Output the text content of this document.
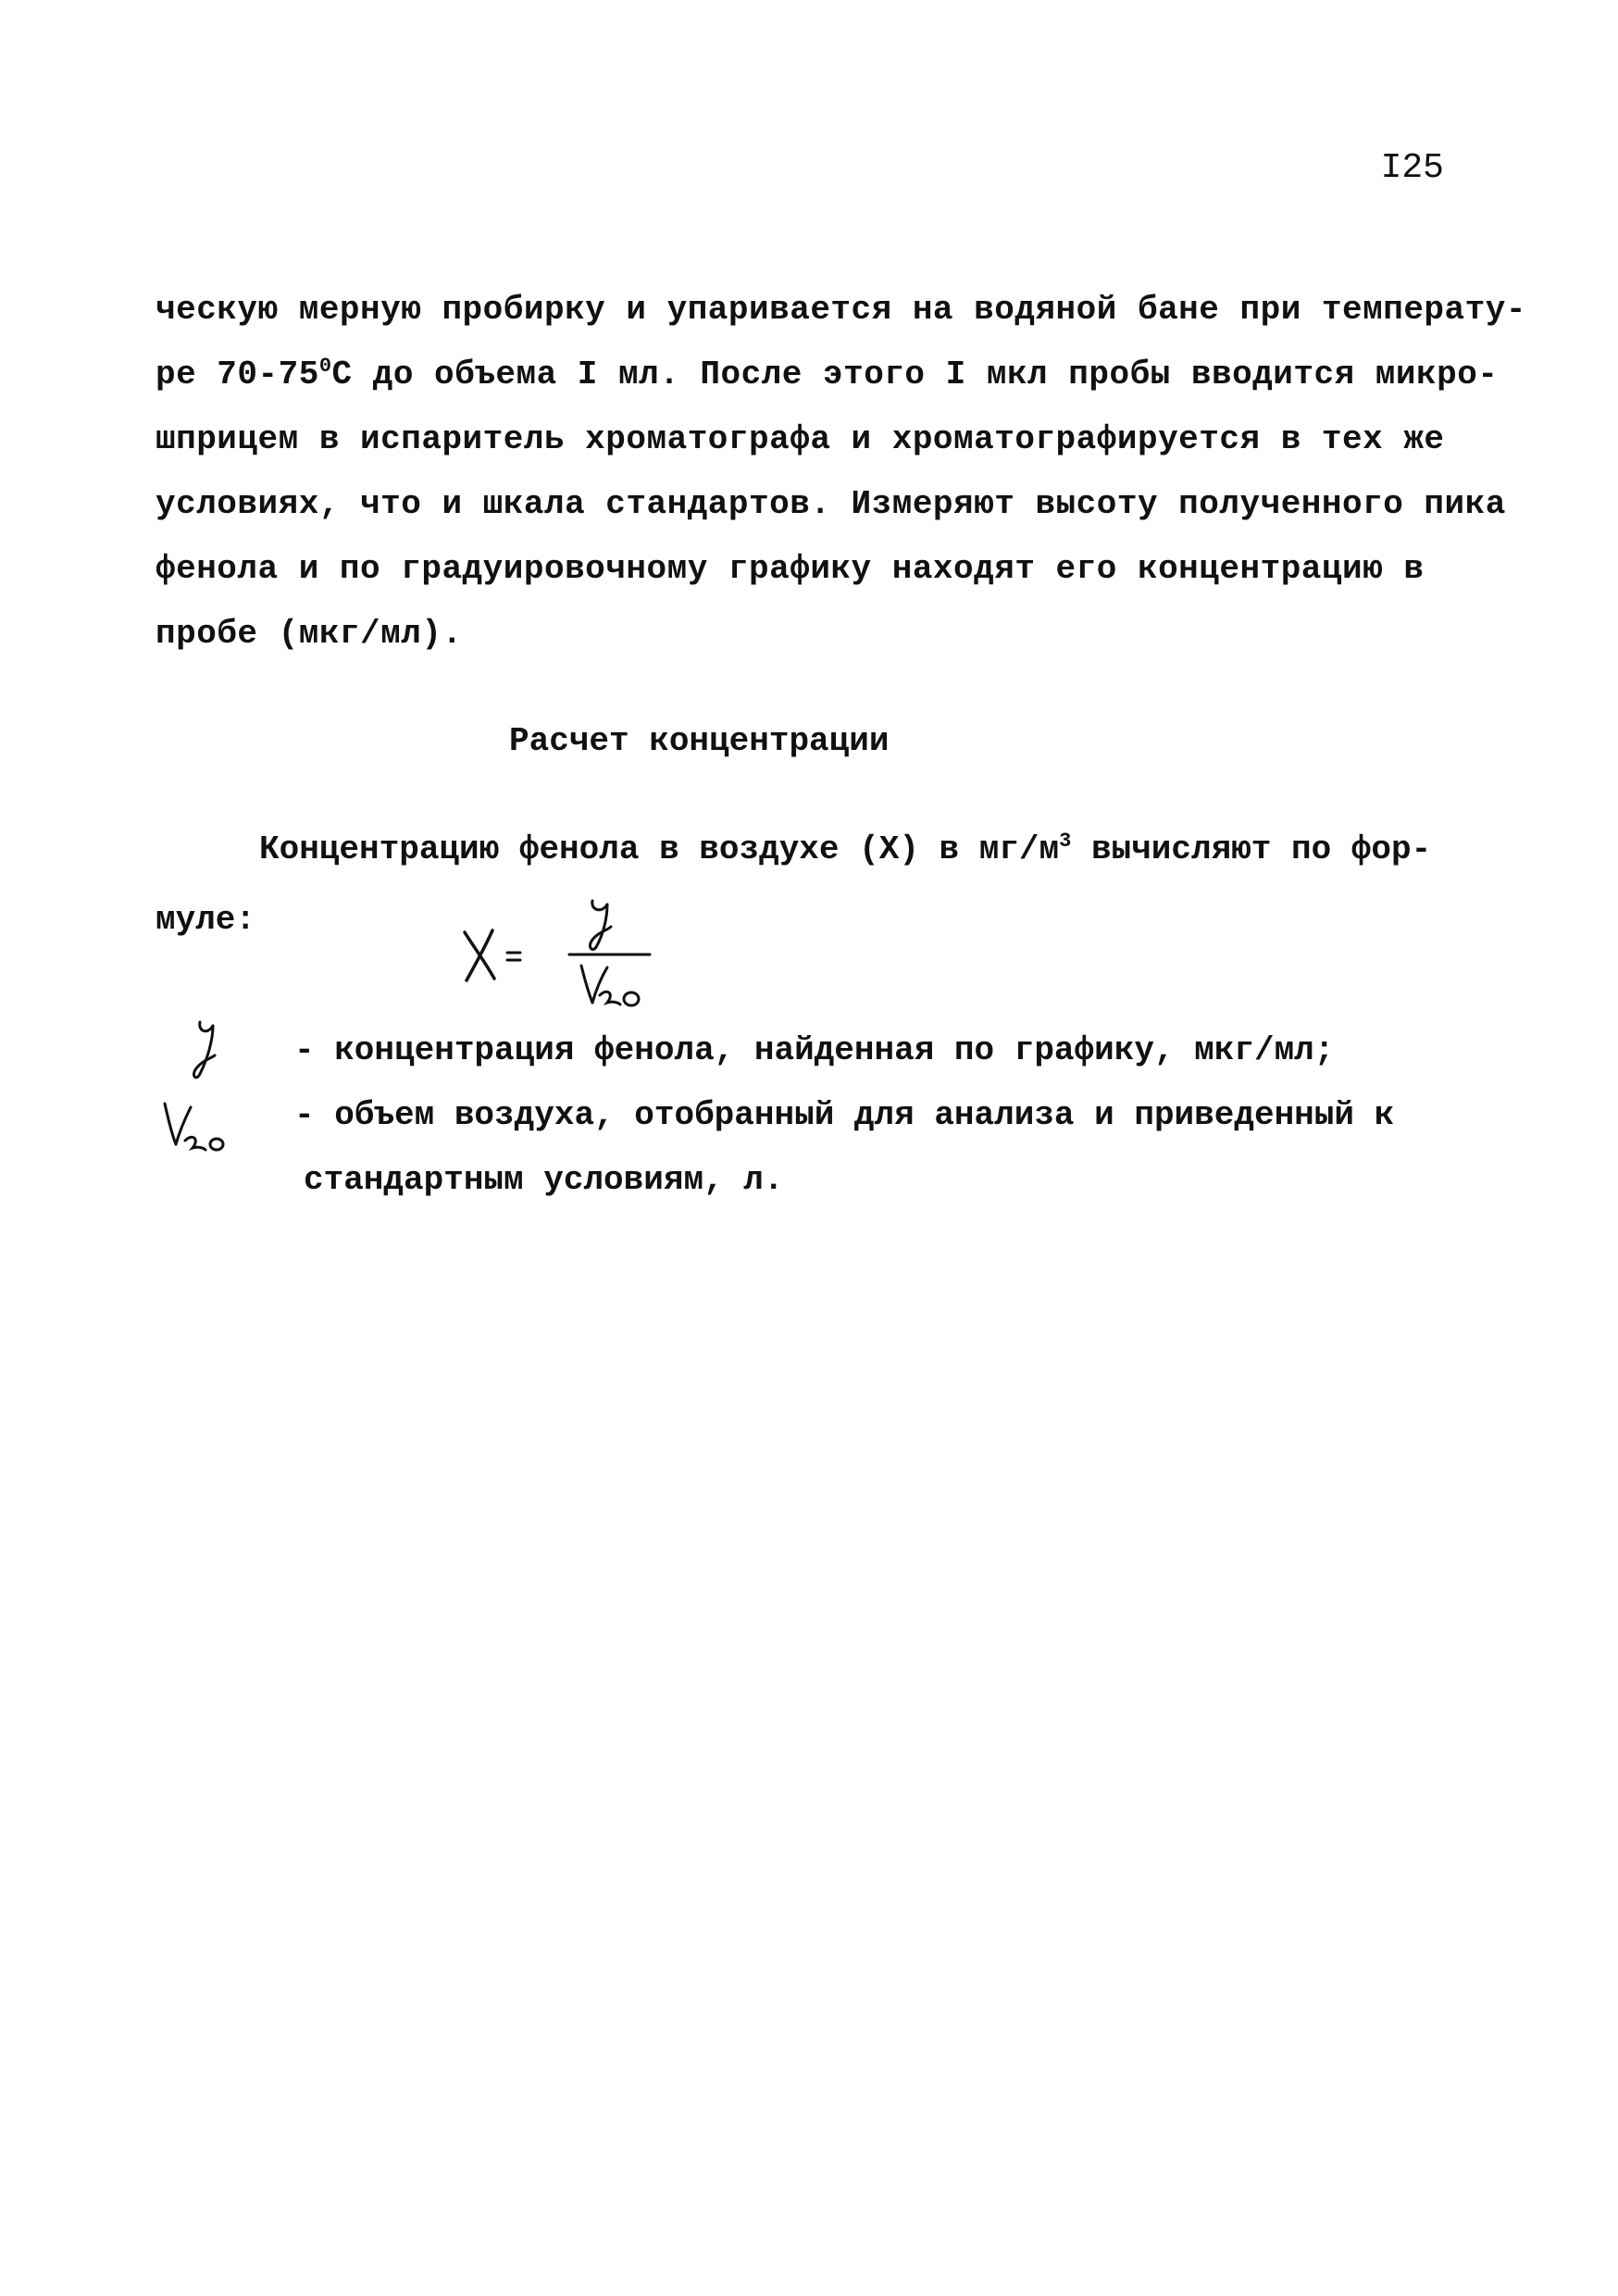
I25
ческую мерную пробирку и упаривается на водяной бане при температу-
ре $70-75^0С$ до объема I мл. После этого I мкл пробы вводится микро-
шприцем в испаритель хроматографа и хроматографируется в тех же
условиях, что и шкала стандартов. Измеряют высоту полученного пика
фенола и по градуировочному графику находят его концентрацию в
пробе (мкг/мл).
Расчет концентрации
Концентрацию фенола в воздухе (X) в $мг/м^3$ вычисляют по фор-
муле:
- концентрация фенола, найденная по графику, мкг/мл;
- объем воздуха, отобранный для анализа и приведенный к
стандартным условиям, л.
